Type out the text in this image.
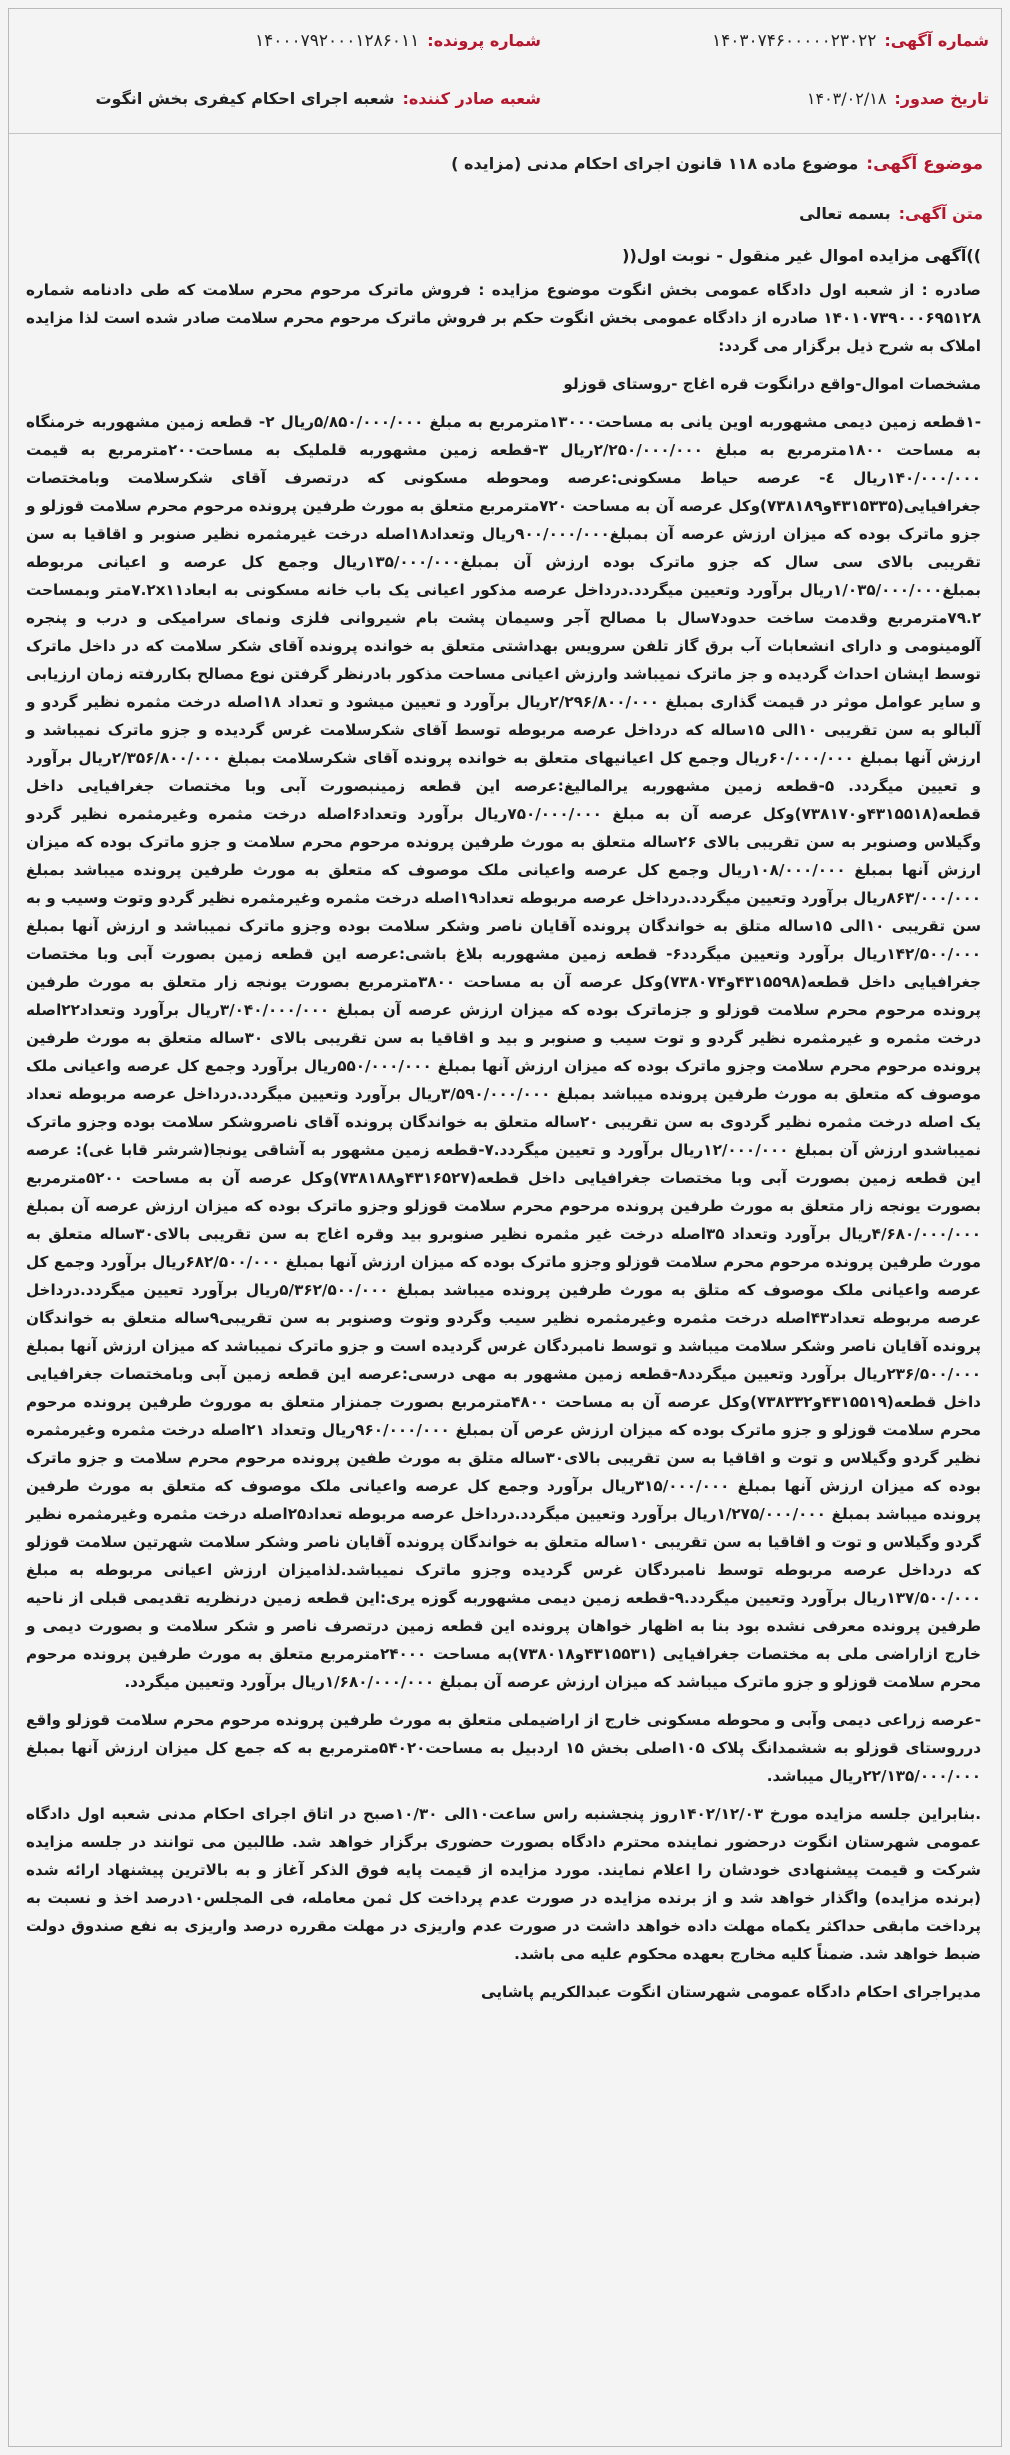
شماره آگهی:
۱۴۰۳۰۷۴۶۰۰۰۰۰۲۳۰۲۲
شماره پرونده:
۱۴۰۰۰۷۹۲۰۰۰۱۲۸۶۰۱۱
تاریخ صدور:
۱۴۰۳/۰۲/۱۸
شعبه صادر کننده:
شعبه اجرای احکام کیفری بخش انگوت
موضوع آگهی:
موضوع ماده ۱۱۸ قانون اجرای احکام مدنی (مزایده )
متن آگهی:
بسمه تعالی

))آگهی مزایده اموال غیر منقول - نوبت اول((

صادره : از شعبه اول دادگاه عمومی بخش انگوت موضوع مزایده : فروش ماترک مرحوم محرم سلامت که طی دادنامه شماره ۱۴۰۱۰۷۳۹۰۰۰۶۹۵۱۲۸ صادره از دادگاه عمومی بخش انگوت حکم بر فروش ماترک مرحوم محرم سلامت صادر شده است لذا مزایده املاک به شرح ذیل برگزار می گردد:

مشخصات اموال-واقع درانگوت قره اغاج -روستای قوزلو

-۱قطعه زمین دیمی مشهوربه اوین یانی به مساحت۱۳۰۰۰مترمربع به مبلغ ۵/۸۵۰/۰۰۰/۰۰۰ریال ۲- قطعه زمین مشهوربه خرمنگاه به مساحت ۱۸۰۰مترمربع به مبلغ ۲/۲۵۰/۰۰۰/۰۰۰ریال ۳-قطعه زمین مشهوربه قلملیک به مساحت۲۰۰مترمربع به قیمت ۱۴۰/۰۰۰/۰۰۰ریال ٤- عرصه حیاط مسکونی:عرصه ومحوطه مسکونی که درتصرف آقای شکرسلامت وبامختصات جغرافیایی(۴۳۱۵۳۳۵و۷۳۸۱۸۹)وکل عرصه آن به مساحت ۷۲۰مترمربع متعلق به مورث طرفین پرونده مرحوم محرم سلامت قوزلو و جزو ماترک بوده که میزان ارزش عرصه آن بمبلغ۹۰۰/۰۰۰/۰۰۰ریال وتعداد۱۸اصله درخت غیرمثمره نظیر صنوبر و اقاقیا به سن تقریبی بالای سی سال که جزو ماترک بوده ارزش آن بمبلغ۱۳۵/۰۰۰/۰۰۰ریال وجمع کل عرصه و اعیانی مربوطه بمبلغ۱/۰۳۵/۰۰۰/۰۰۰ریال برآورد وتعیین میگردد.درداخل عرصه مذکور اعیانی یک باب خانه مسکونی به ابعاد۷.۲x۱۱متر وبمساحت ۷۹.۲مترمربع وقدمت ساخت حدود۷سال با مصالح آجر وسیمان پشت بام شیروانی فلزی ونمای سرامیکی و درب و پنجره آلومینومی و دارای انشعابات آب برق گاز تلفن سرویس بهداشتی متعلق به خوانده پرونده آقای شکر سلامت که در داخل ماترک توسط ایشان احداث گردیده و جز ماترک نمیباشد وارزش اعیانی مساحت مذکور بادرنظر گرفتن نوع مصالح بکاررفته زمان ارزیابی و سایر عوامل موثر در قیمت گذاری بمبلغ ۲/۲۹۶/۸۰۰/۰۰۰ریال برآورد و تعیین میشود و تعداد ۱۸اصله درخت مثمره نظیر گردو و آلبالو به سن تقریبی ۱۰الی ۱۵ساله که درداخل عرصه مربوطه توسط آقای شکرسلامت غرس گردیده و جزو ماترک نمیباشد و ارزش آنها بمبلغ ۶۰/۰۰۰/۰۰۰ریال وجمع کل اعیانیهای متعلق به خوانده پرونده آقای شکرسلامت بمبلغ ۲/۳۵۶/۸۰۰/۰۰۰ریال برآورد و تعیین میگردد. ۵-قطعه زمین مشهوربه یرالمالیغ:عرصه این قطعه زمینبصورت آبی وبا مختصات جغرافیایی داخل قطعه(۴۳۱۵۵۱۸و۷۳۸۱۷۰)وکل عرصه آن به مبلغ ۷۵۰/۰۰۰/۰۰۰ریال برآورد وتعداد۶اصله درخت مثمره وغیرمثمره نظیر گردو وگیلاس وصنوبر به سن تقریبی بالای ۲۶ساله متعلق به مورث طرفین پرونده مرحوم محرم سلامت و جزو ماترک بوده که میزان ارزش آنها بمبلغ ۱۰۸/۰۰۰/۰۰۰ریال وجمع کل عرصه واعیانی ملک موصوف که متعلق به مورث طرفین پرونده میباشد بمبلغ ۸۶۳/۰۰۰/۰۰۰ریال برآورد وتعیین میگردد.درداخل عرصه مربوطه تعداد۱۹اصله درخت مثمره وغیرمثمره نظیر گردو وتوت وسیب و به سن تقریبی ۱۰الی ۱۵ساله متلق به خواندگان پرونده آقایان ناصر وشکر سلامت بوده وجزو ماترک نمیباشد و ارزش آنها بمبلغ ۱۴۲/۵۰۰/۰۰۰ریال برآورد وتعیین میگردد۶- قطعه زمین مشهوربه بلاغ باشی:عرصه این قطعه زمین بصورت آبی وبا مختصات جغرافیایی داخل قطعه(۴۳۱۵۵۹۸و۷۳۸۰۷۴)وکل عرصه آن به مساحت ۳۸۰۰مترمربع بصورت یونجه زار متعلق به مورث طرفین پرونده مرحوم محرم سلامت قوزلو و جزماترک بوده که میزان ارزش عرصه آن بمبلغ ۳/۰۴۰/۰۰۰/۰۰۰ریال برآورد وتعداد۲۲اصله درخت مثمره و غیرمثمره نظیر گردو و توت سیب و صنوبر و بید و اقاقیا به سن تقریبی بالای ۳۰ساله متعلق به مورث طرفین پرونده مرحوم محرم سلامت وجزو ماترک بوده که میزان ارزش آنها بمبلغ ۵۵۰/۰۰۰/۰۰۰ریال برآورد وجمع کل عرصه واعیانی ملک موصوف که متعلق به مورث طرفین پرونده میباشد بمبلغ ۳/۵۹۰/۰۰۰/۰۰۰ریال برآورد وتعیین میگردد.درداخل عرصه مربوطه تعداد یک اصله درخت مثمره نظیر گردوی به سن تقریبی ۲۰ساله متعلق به خواندگان پرونده آقای ناصروشکر سلامت بوده وجزو ماترک نمیباشدو ارزش آن بمبلغ ۱۲/۰۰۰/۰۰۰ریال برآورد و تعیین میگردد.۷-قطعه زمین مشهور به آشاقی یونجا(شرشر قابا غی): عرصه این قطعه زمین بصورت آبی وبا مختصات جغرافیایی داخل قطعه(۴۳۱۶۵۲۷و۷۳۸۱۸۸)وکل عرصه آن به مساحت ۵۲۰۰مترمربع بصورت یونجه زار متعلق به مورث طرفین پرونده مرحوم محرم سلامت قوزلو وجزو ماترک بوده که میزان ارزش عرصه آن بمبلغ ۴/۶۸۰/۰۰۰/۰۰۰ریال برآورد وتعداد ۳۵اصله درخت غیر مثمره نظیر صنوبرو بید وقره اغاج به سن تقریبی بالای۳۰ساله متعلق به مورث طرفین پرونده مرحوم محرم سلامت قوزلو وجزو ماترک بوده که میزان ارزش آنها بمبلغ ۶۸۲/۵۰۰/۰۰۰ریال برآورد وجمع کل عرصه واعیانی ملک موصوف که متلق به مورث طرفین پرونده میباشد بمبلغ ۵/۳۶۲/۵۰۰/۰۰۰ریال برآورد تعیین میگردد.درداخل عرصه مربوطه تعداد۴۳اصله درخت مثمره وغیرمثمره نظیر سیب وگردو وتوت وصنوبر به سن تقریبی۹ساله متعلق به خواندگان پرونده آقایان ناصر وشکر سلامت میباشد و توسط نامبردگان غرس گردیده است و جزو ماترک نمیباشد که میزان ارزش آنها بمبلغ ۲۳۶/۵۰۰/۰۰۰ریال برآورد وتعیین میگردد۸-قطعه زمین مشهور به مهی درسی:عرصه این قطعه زمین آبی وبامختصات جغرافیایی داخل قطعه(۴۳۱۵۵۱۹و۷۳۸۳۳۲)وکل عرصه آن به مساحت ۴۸۰۰مترمربع بصورت جمنزار متعلق به موروث طرفین پرونده مرحوم محرم سلامت قوزلو و جزو ماترک بوده که میزان ارزش عرص آن بمبلغ ۹۶۰/۰۰۰/۰۰۰ریال وتعداد ۲۱اصله درخت مثمره وغیرمثمره نظیر گردو وگیلاس و توت و اقاقیا به سن تقریبی بالای۳۰ساله متلق به مورث طفین پرونده مرحوم محرم سلامت و جزو ماترک بوده که میزان ارزش آنها بمبلغ ۳۱۵/۰۰۰/۰۰۰ریال برآورد وجمع کل عرصه واعیانی ملک موصوف که متعلق به مورث طرفین پرونده میباشد بمبلغ ۱/۲۷۵/۰۰۰/۰۰۰ریال برآورد وتعیین میگردد.درداخل عرصه مربوطه تعداد۲۵اصله درخت مثمره وغیرمثمره نظیر گردو وگیلاس و توت و اقاقیا به سن تقریبی ۱۰ساله متعلق به خواندگان پرونده آقایان ناصر وشکر سلامت شهرتین سلامت قوزلو که درداخل عرصه مربوطه توسط نامبردگان غرس گردیده وجزو ماترک نمیباشد.لذامیزان ارزش اعیانی مربوطه به مبلغ ۱۳۷/۵۰۰/۰۰۰ریال برآورد وتعیین میگردد.۹-قطعه زمین دیمی مشهوربه گوزه یری:این قطعه زمین درنظریه تقدیمی قبلی از ناحیه طرفین پرونده معرفی نشده بود بنا به اظهار خواهان پرونده این قطعه زمین درتصرف ناصر و شکر سلامت و بصورت دیمی و خارج ازاراضی ملی به مختصات جغرافیایی (۴۳۱۵۵۳۱و۷۳۸۰۱۸)به مساحت ۲۴۰۰۰مترمربع متعلق به مورث طرفین پرونده مرحوم محرم سلامت قوزلو و جزو ماترک میباشد که میزان ارزش عرصه آن بمبلغ ۱/۶۸۰/۰۰۰/۰۰۰ریال برآورد وتعیین میگردد.

-عرصه زراعی دیمی وآبی و محوطه مسکونی خارج از اراضیملی متعلق به مورث طرفین پرونده مرحوم محرم سلامت قوزلو واقع درروستای قوزلو به ششمدانگ پلاک ۱۰۵اصلی بخش ۱۵ اردبیل به مساحت۵۴۰۲۰مترمربع به که جمع کل میزان ارزش آنها بمبلغ ۲۲/۱۳۵/۰۰۰/۰۰۰ریال میباشد.

.بنابراین جلسه مزایده مورخ ۱۴۰۲/۱۲/۰۳روز پنجشنبه راس ساعت۱۰الی ۱۰/۳۰صبح در اتاق اجرای احکام مدنی شعبه اول دادگاه عمومی شهرستان انگوت درحضور نماینده محترم دادگاه بصورت حضوری برگزار خواهد شد. طالبین می توانند در جلسه مزایده شرکت و قیمت پیشنهادی خودشان را اعلام نمایند. مورد مزایده از قیمت پایه فوق الذکر آغاز و به بالاترین پیشنهاد ارائه شده (برنده مزایده) واگذار خواهد شد و از برنده مزایده در صورت عدم پرداخت کل ثمن معامله، فی المجلس۱۰درصد اخذ و نسبت به پرداخت مابقی حداکثر یکماه مهلت داده خواهد داشت در صورت عدم واریزی در مهلت مقرره درصد واریزی به نفع صندوق دولت ضبط خواهد شد. ضمناً کلیه مخارج بعهده محکوم علیه می باشد.

مدیراجرای احکام دادگاه عمومی شهرستان انگوت عبدالکریم پاشایی
